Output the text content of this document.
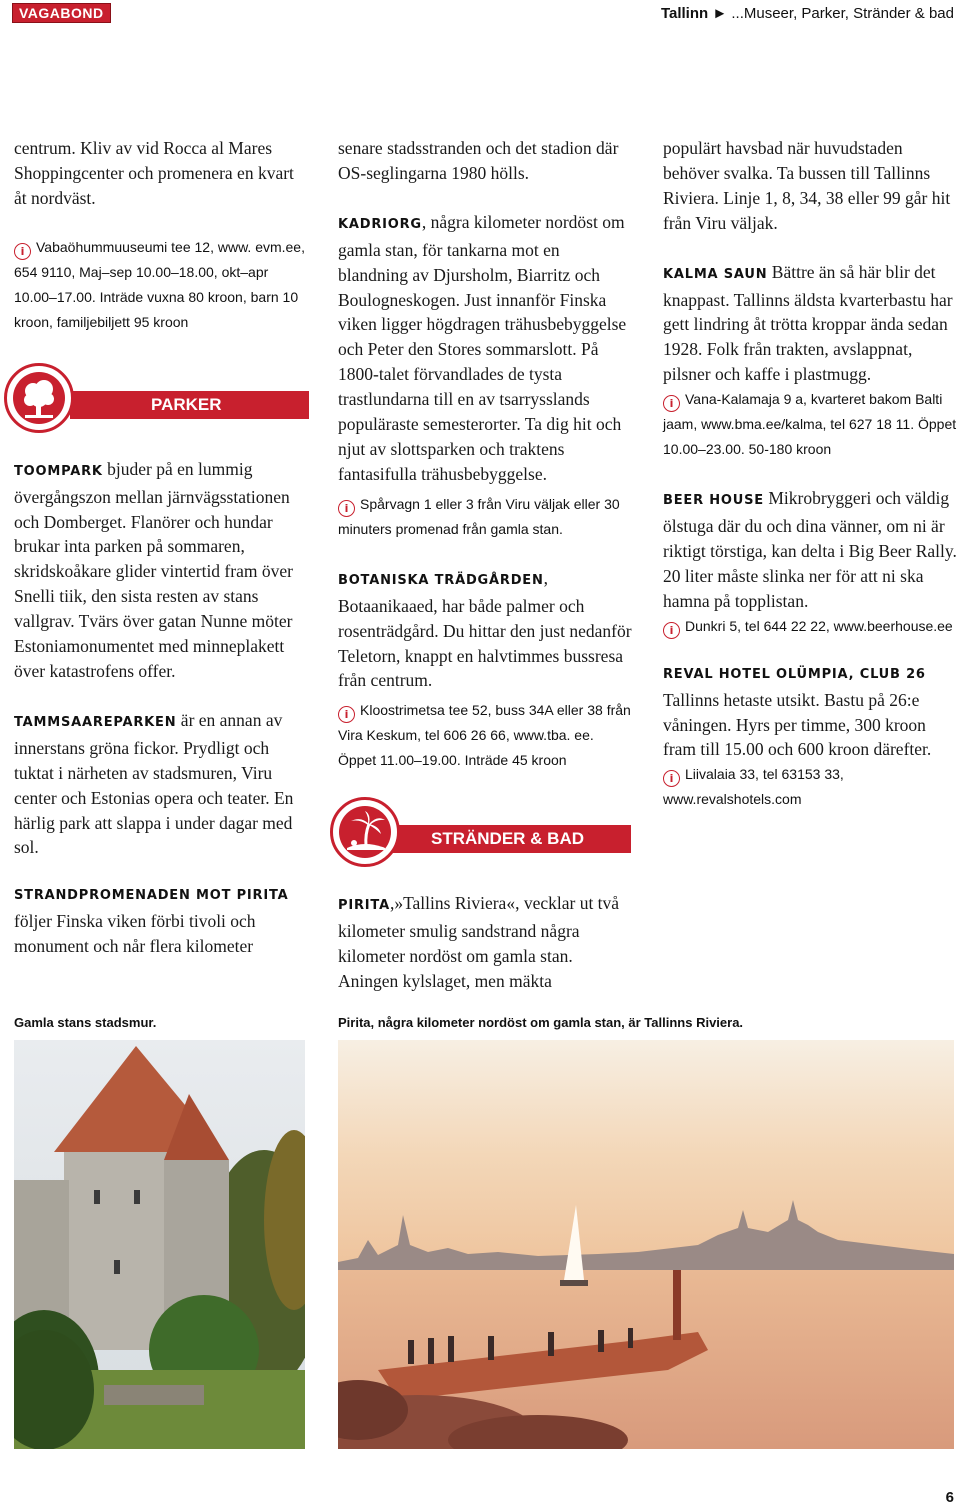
VAGABOND	Tallinn ► ...Museer, Parker, Stränder & bad

centrum. Kliv av vid Rocca al Mares Shoppingcenter och promenera en kvart åt nordväst.

i Vabaöhummuuseumi tee 12, www. evm.ee, 654 9110, Maj–sep 10.00–18.00, okt–apr 10.00–17.00. Inträde vuxna 80 kroon, barn 10 kroon, familjebiljett 95 kroon

PARKER

TOOMPARK bjuder på en lummig övergångszon mellan järnvägsstationen och Domberget. Flanörer och hundar brukar inta parken på sommaren, skridskoåkare glider vintertid fram över Snelli tiik, den sista resten av stans vallgrav. Tvärs över gatan Nunne möter Estoniamonumentet med minneplakett över katastrofens offer.

TAMMSAAREPARKEN är en annan av innerstans gröna fickor. Prydligt och tuktat i närheten av stadsmuren, Viru center och Estonias opera och teater. En härlig park att slappa i under dagar med sol.

STRANDPROMENADEN MOT PIRITA
följer Finska viken förbi tivoli och monument och når flera kilometer

senare stadsstranden och det stadion där OS-seglingarna 1980 hölls.

KADRIORG, några kilometer nordöst om gamla stan, för tankarna mot en blandning av Djursholm, Biarritz och Boulogneskogen. Just innanför Finska viken ligger högdragen trähusbebyggelse och Peter den Stores sommarslott. På 1800-talet förvandlades de tysta trastlundarna till en av tsarrysslands populäraste semesterorter. Ta dig hit och njut av slottsparken och traktens fantasifulla trähusbebyggelse.

i Spårvagn 1 eller 3 från Viru väljak eller 30 minuters promenad från gamla stan.

BOTANISKA TRÄDGÅRDEN, Botaanikaaed, har både palmer och rosenträdgård. Du hittar den just nedanför Teletorn, knappt en halvtimmes bussresa från centrum.

i Kloostrimetsa tee 52, buss 34A eller 38 från Vira Keskum, tel 606 26 66, www.tba. ee. Öppet 11.00–19.00. Inträde 45 kroon

STRÄNDER & BAD

PIRITA,»Tallins Riviera«, vecklar ut två kilometer smulig sandstrand några kilometer nordöst om gamla stan. Aningen kylslaget, men mäkta

populärt havsbad när huvudstaden behöver svalka. Ta bussen till Tallinns Riviera. Linje 1, 8, 34, 38 eller 99 går hit från Viru väljak.

KALMA SAUN Bättre än så här blir det knappast. Tallinns äldsta kvarterbastu har gett lindring åt trötta kroppar ända sedan 1928. Folk från trakten, avslappnat, pilsner och kaffe i plastmugg.

i Vana-Kalamaja 9 a, kvarteret bakom Balti jaam, www.bma.ee/kalma, tel 627 18 11. Öppet 10.00–23.00. 50-180 kroon

BEER HOUSE Mikrobryggeri och väldig ölstuga där du och dina vänner, om ni är riktigt törstiga, kan delta i Big Beer Rally. 20 liter måste slinka ner för att ni ska hamna på topplistan.

i Dunkri 5, tel 644 22 22, www.beerhouse.ee

REVAL HOTEL OLÜMPIA, CLUB 26
Tallinns hetaste utsikt. Bastu på 26:e våningen. Hyrs per timme, 300 kroon fram till 15.00 och 600 kroon därefter.

i Liivalaia 33, tel 63153 33, www.revalshotels.com

Gamla stans stadsmur.	Pirita, några kilometer nordöst om gamla stan, är Tallinns Riviera.
6
